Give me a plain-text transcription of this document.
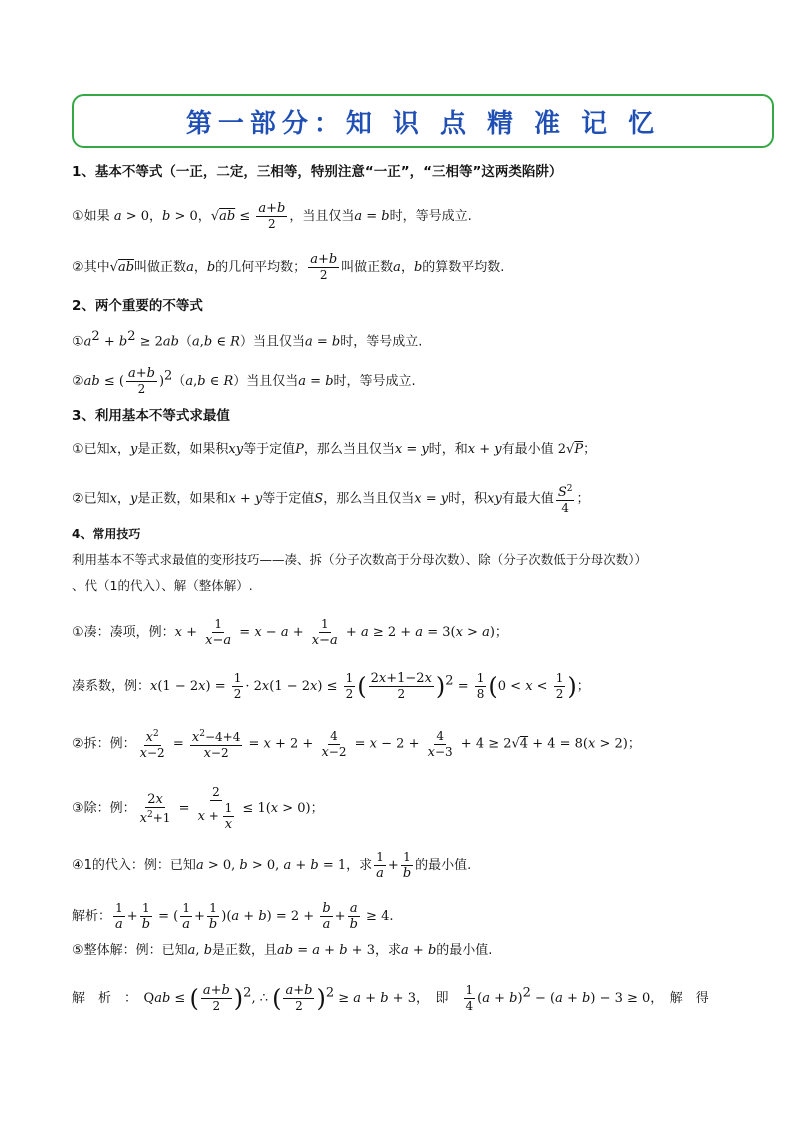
第一部分：知 识 点 精 准 记 忆
1、基本不等式（一正，二定，三相等，特别注意“一正”，“三相等”这两类陷阱）
①如果 a > 0，b > 0，$√ab \le \frac{a+b}{2}$ ，当且仅当a = b时，等号成立.
②其中√ab叫做正数a，b的几何平均数； $\frac{a+b}{2}$ 叫做正数a，b的算数平均数.
2、两个重要的不等式
$①a^2 + b^2 \ge 2ab(a,b$ ∈ R）当且仅当a = b时，等号成立.
②ab ≤ ( $\frac{a+b}{2} )^2(a,b$ ∈ R）当且仅当a = b时，等号成立.
3、利用基本不等式求最值
①已知x，y是正数，如果积xy等于定值P，那么当且仅当x = y时，和x + y有最小值 2√P；
②已知x，y是正数，如果和x + y等于定值S，那么当且仅当x = y时，积xy有最大值 $\frac{S^2}{4}$ ；
4、常用技巧
利用基本不等式求最值的变形技巧——凑、拆（分子次数高于分母次数）、除（分子次数低于分母次数））
、代（1的代入）、解（整体解）.
①凑：凑项，例：$x + \frac{1}{x-a} = x - a + \frac{1}{x-a} + a \ge 2 + a = 3(x > a)$；
凑系数，例：$x(1 - 2x) = \frac{1}{2} \cdot 2x(1 - 2x) \le \frac{1}{2}$ ( $\frac{2x+1-2x}{2} )^2 = \frac{1}{8} (0 < x < \frac{1}{2}$ )；
②拆：例： $\frac{x^2}{x-2} = \frac{x^2-4+4}{x-2} = x + 2 + \frac{4}{x-2} = x - 2 + \frac{4}{x-3} + 4 \ge 2√4 + 4 = 8(x > 2)$；
③除：例： $\frac{2x}{x^2+1} = \frac{2}{x + \frac{1}{x}} \le 1(x > 0)$；
④1的代入：例：已知a > 0, b > 0, a + b = 1，求 $\frac{1}{a} + \frac{1}{b}$ 的最小值.
解析： $\frac{1}{a} + \frac{1}{b}$ = ( $\frac{1}{a} + \frac{1}{b} )(a + b) = 2 + \frac{b}{a} + \frac{a}{b} \ge 4$.
⑤整体解：例：已知a, b是正数，且ab = a + b + 3，求a + b的最小值.
解　析　：　Qab ≤ ( $\frac{a+b}{2} )^2$, ∴ ( $\frac{a+b}{2} )^2 \ge a + b + 3$，　即　 $\frac{1}{4} (a + b)^2 - (a + b) - 3 \ge 0$，　解　得
